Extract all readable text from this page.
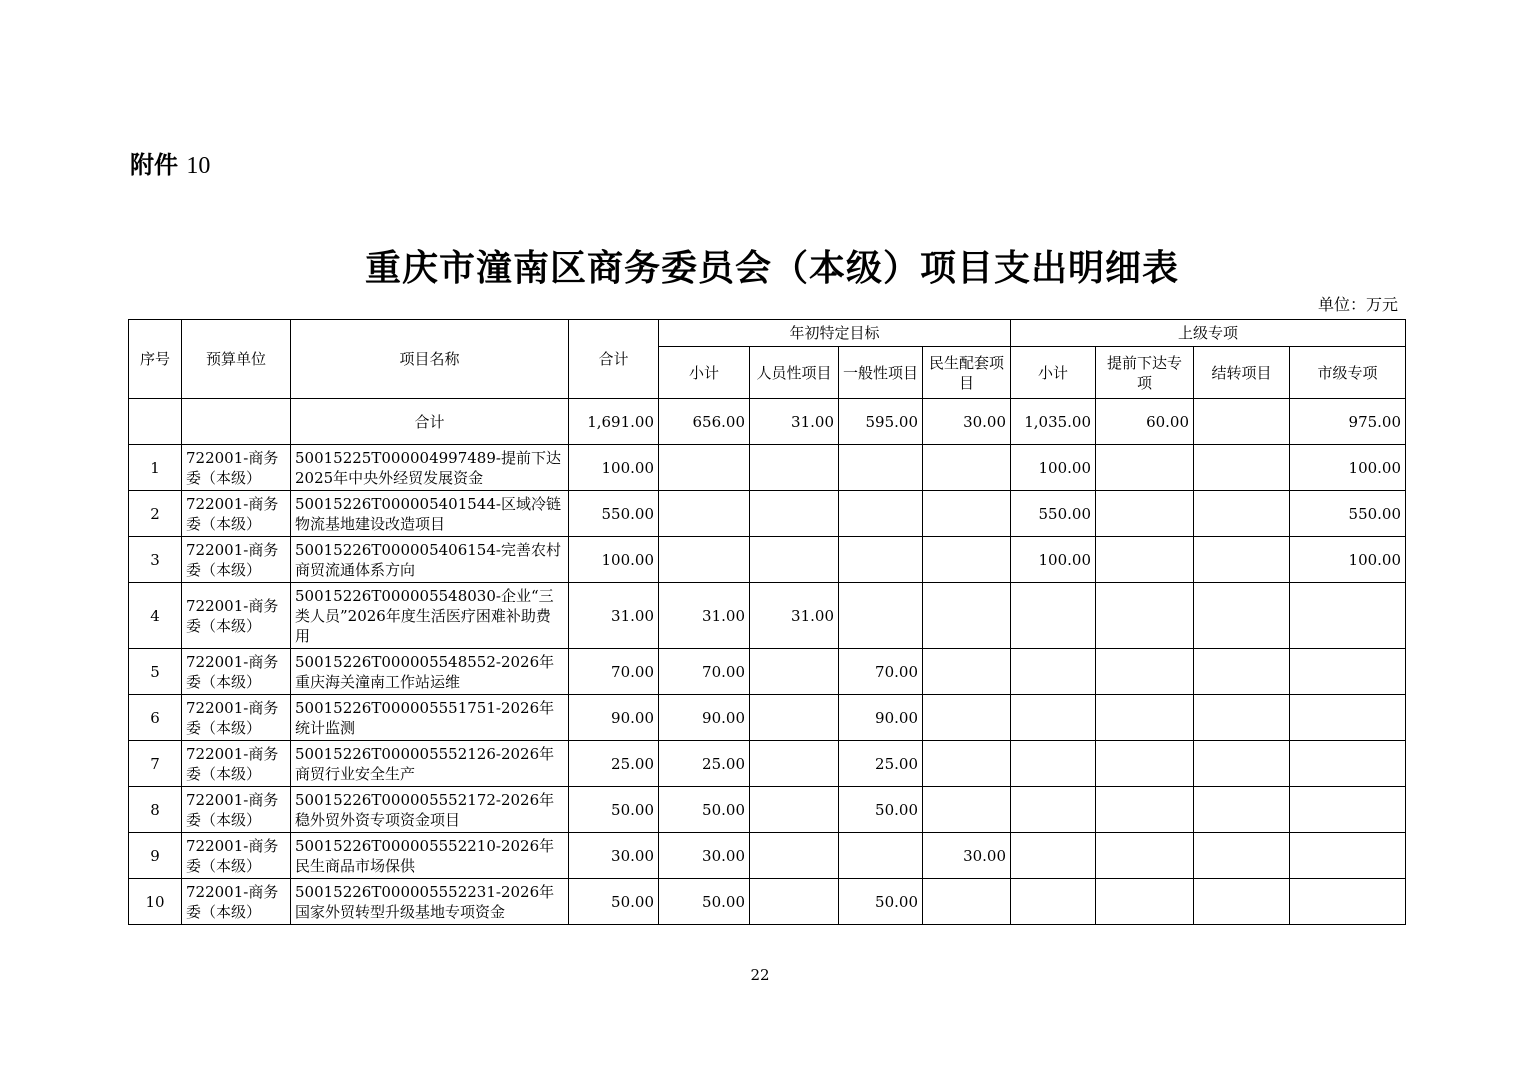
附件 10
重庆市潼南区商务委员会（本级）项目支出明细表
单位：万元
序号	预算单位	项目名称	合计	年初特定目标				上级专项			
				小计	人员性项目	一般性项目	民生配套项目	小计	提前下达专项	结转项目	市级专项
		合计	1,691.00	656.00	31.00	595.00	30.00	1,035.00	60.00		975.00
1	722001-商务委（本级）	50015225T000004997489-提前下达2025年中央外经贸发展资金	100.00					100.00			100.00
2	722001-商务委（本级）	50015226T000005401544-区域冷链物流基地建设改造项目	550.00					550.00			550.00
3	722001-商务委（本级）	50015226T000005406154-完善农村商贸流通体系方向	100.00					100.00			100.00
4	722001-商务委（本级）	50015226T000005548030-企业“三类人员”2026年度生活医疗困难补助费用	31.00	31.00	31.00						
5	722001-商务委（本级）	50015226T000005548552-2026年重庆海关潼南工作站运维	70.00	70.00		70.00					
6	722001-商务委（本级）	50015226T000005551751-2026年统计监测	90.00	90.00		90.00					
7	722001-商务委（本级）	50015226T000005552126-2026年商贸行业安全生产	25.00	25.00		25.00					
8	722001-商务委（本级）	50015226T000005552172-2026年稳外贸外资专项资金项目	50.00	50.00		50.00					
9	722001-商务委（本级）	50015226T000005552210-2026年民生商品市场保供	30.00	30.00			30.00				
10	722001-商务委（本级）	50015226T000005552231-2026年国家外贸转型升级基地专项资金	50.00	50.00		50.00					
22
